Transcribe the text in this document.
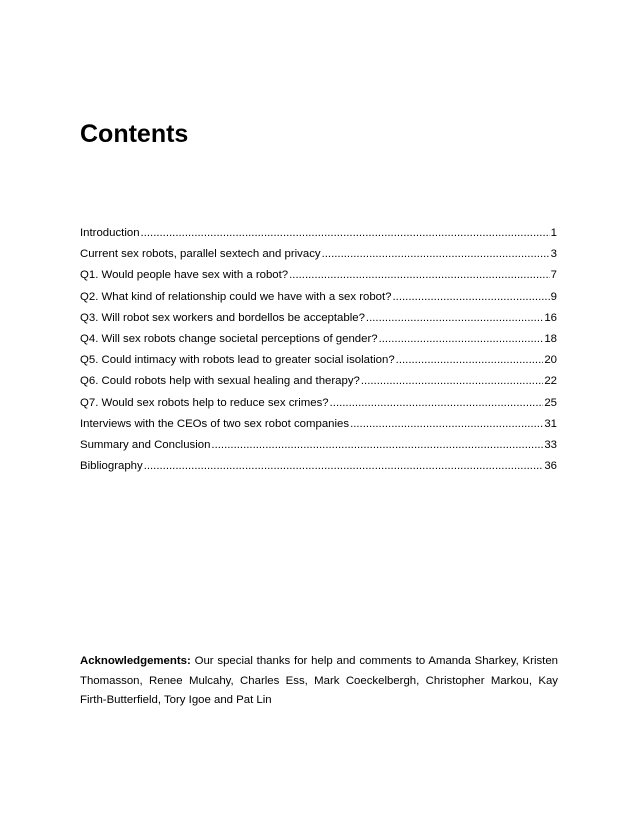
Contents
Introduction .....	1
Current sex robots, parallel sextech and privacy .....	3
Q1. Would people have sex with a robot? .....	7
Q2. What kind of relationship could we have with a sex robot? .....	9
Q3. Will robot sex workers and bordellos be acceptable? .....	16
Q4. Will sex robots change societal perceptions of gender? .....	18
Q5. Could intimacy with robots lead to greater social isolation? .....	20
Q6. Could robots help with sexual healing and therapy? .....	22
Q7. Would sex robots help to reduce sex crimes? .....	25
Interviews with the CEOs of two sex robot companies .....	31
Summary and Conclusion .....	33
Bibliography .....	36

Acknowledgements: Our special thanks for help and comments to Amanda Sharkey, Kristen Thomasson, Renee Mulcahy, Charles Ess, Mark Coeckelbergh, Christopher Markou, Kay Firth-Butterfield, Tory Igoe and Pat Lin
